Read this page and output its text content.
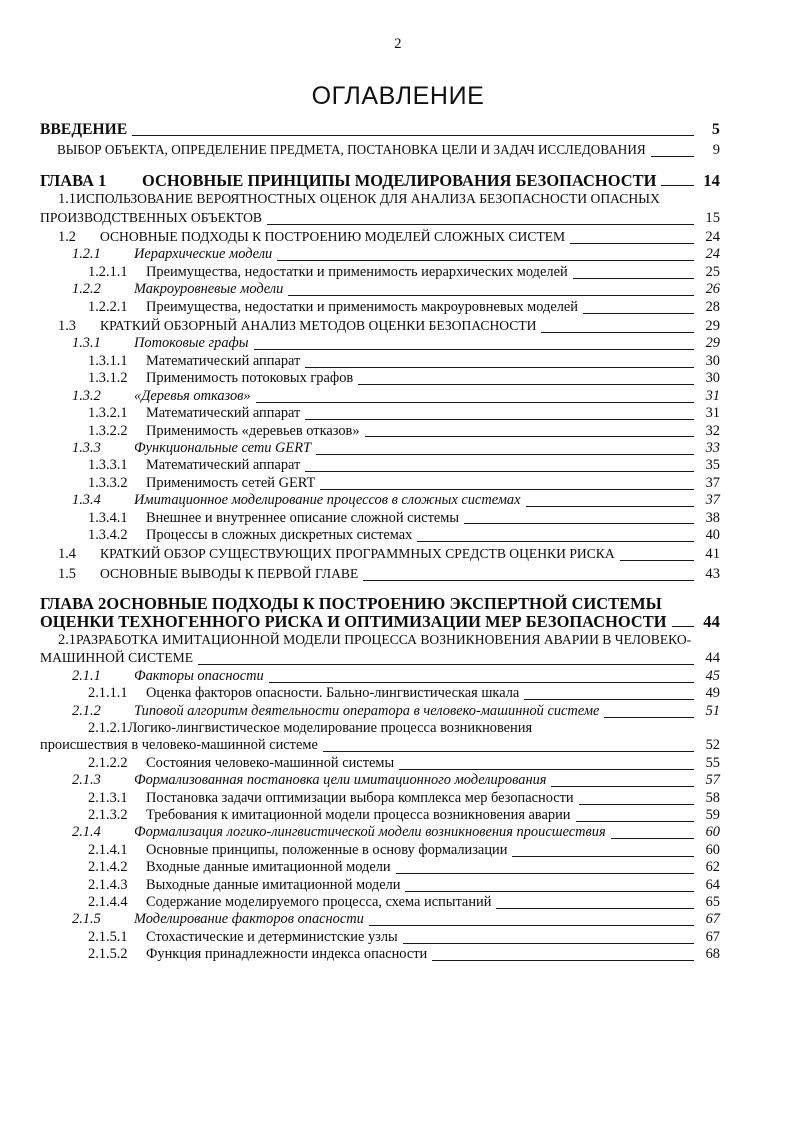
2
ОГЛАВЛЕНИЕ
ВВЕДЕНИЕ	5
ВЫБОР ОБЪЕКТА, ОПРЕДЕЛЕНИЕ ПРЕДМЕТА, ПОСТАНОВКА ЦЕЛИ И ЗАДАЧ ИССЛЕДОВАНИЯ	9
ГЛАВА 1	ОСНОВНЫЕ ПРИНЦИПЫ МОДЕЛИРОВАНИЯ БЕЗОПАСНОСТИ	14
1.1ИСПОЛЬЗОВАНИЕ ВЕРОЯТНОСТНЫХ ОЦЕНОК ДЛЯ АНАЛИЗА БЕЗОПАСНОСТИ ОПАСНЫХ
ПРОИЗВОДСТВЕННЫХ ОБЪЕКТОВ	15
1.2	ОСНОВНЫЕ ПОДХОДЫ К ПОСТРОЕНИЮ МОДЕЛЕЙ СЛОЖНЫХ СИСТЕМ	24
1.2.1	Иерархические модели	24
1.2.1.1	Преимущества, недостатки и применимость иерархических моделей	25
1.2.2	Макроуровневые модели	26
1.2.2.1	Преимущества, недостатки и применимость макроуровневых моделей	28
1.3	КРАТКИЙ ОБЗОРНЫЙ АНАЛИЗ МЕТОДОВ ОЦЕНКИ БЕЗОПАСНОСТИ	29
1.3.1	Потоковые графы	29
1.3.1.1	Математический аппарат	30
1.3.1.2	Применимость потоковых графов	30
1.3.2	«Деревья отказов»	31
1.3.2.1	Математический аппарат	31
1.3.2.2	Применимость «деревьев отказов»	32
1.3.3	Функциональные сети GERT	33
1.3.3.1	Математический аппарат	35
1.3.3.2	Применимость сетей GERT	37
1.3.4	Имитационное моделирование процессов в сложных системах	37
1.3.4.1	Внешнее и внутреннее описание сложной системы	38
1.3.4.2	Процессы в сложных дискретных системах	40
1.4	КРАТКИЙ ОБЗОР СУЩЕСТВУЮЩИХ ПРОГРАММНЫХ СРЕДСТВ ОЦЕНКИ РИСКА	41
1.5	ОСНОВНЫЕ ВЫВОДЫ К ПЕРВОЙ ГЛАВЕ	43
ГЛАВА 2ОСНОВНЫЕ ПОДХОДЫ К ПОСТРОЕНИЮ ЭКСПЕРТНОЙ СИСТЕМЫ
ОЦЕНКИ ТЕХНОГЕННОГО РИСКА И ОПТИМИЗАЦИИ МЕР БЕЗОПАСНОСТИ	44
2.1РАЗРАБОТКА ИМИТАЦИОННОЙ МОДЕЛИ ПРОЦЕССА ВОЗНИКНОВЕНИЯ АВАРИИ В ЧЕЛОВЕКО-
МАШИННОЙ СИСТЕМЕ	44
2.1.1	Факторы опасности	45
2.1.1.1	Оценка факторов опасности. Бально-лингвистическая шкала	49
2.1.2	Типовой алгоритм деятельности оператора в человеко-машинной системе	51
2.1.2.1Логико-лингвистическое моделирование процесса возникновения
происшествия в человеко-машинной системе	52
2.1.2.2	Состояния человеко-машинной системы	55
2.1.3	Формализованная постановка цели имитационного моделирования	57
2.1.3.1	Постановка задачи оптимизации выбора комплекса мер безопасности	58
2.1.3.2	Требования к имитационной модели процесса возникновения аварии	59
2.1.4	Формализация логико-лингвистической модели возникновения происшествия	60
2.1.4.1	Основные принципы, положенные в основу формализации	60
2.1.4.2	Входные данные имитационной модели	62
2.1.4.3	Выходные данные имитационной модели	64
2.1.4.4	Содержание моделируемого процесса, схема испытаний	65
2.1.5	Моделирование факторов опасности	67
2.1.5.1	Стохастические и детерминистские узлы	67
2.1.5.2	Функция принадлежности индекса опасности	68
